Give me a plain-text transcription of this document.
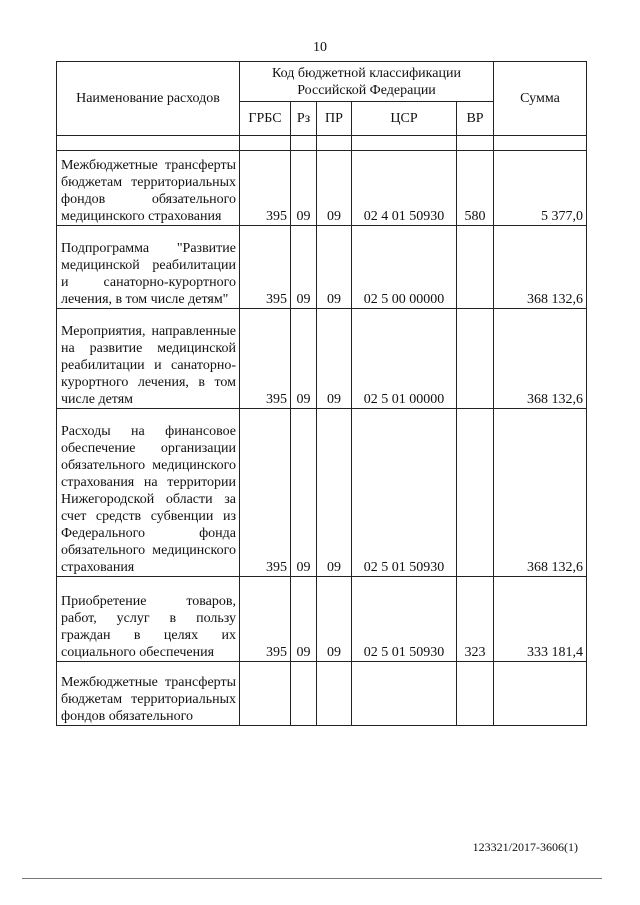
10
Наименование расходов	Код бюджетной классификации Российской Федерации					Сумма
	ГРБС	Рз	ПР	ЦСР	ВР	

Межбюджетные трансферты бюджетам территориальных фондов обязательного медицинского страхования	395	09	09	02 4 01 50930	580	5 377,0
Подпрограмма "Развитие медицинской реабилитации и санаторно-курортного лечения, в том числе детям"	395	09	09	02 5 00 00000		368 132,6
Мероприятия, направленные на развитие медицинской реабилитации и санаторно-курортного лечения, в том числе детям	395	09	09	02 5 01 00000		368 132,6
Расходы на финансовое обеспечение организации обязательного медицинского страхования на территории Нижегородской области за счет средств субвенции из Федерального фонда обязательного медицинского страхования	395	09	09	02 5 01 50930		368 132,6
Приобретение товаров, работ, услуг в пользу граждан в целях их социального обеспечения	395	09	09	02 5 01 50930	323	333 181,4
Межбюджетные трансферты бюджетам территориальных фондов обязательного						
123321/2017-3606(1)
